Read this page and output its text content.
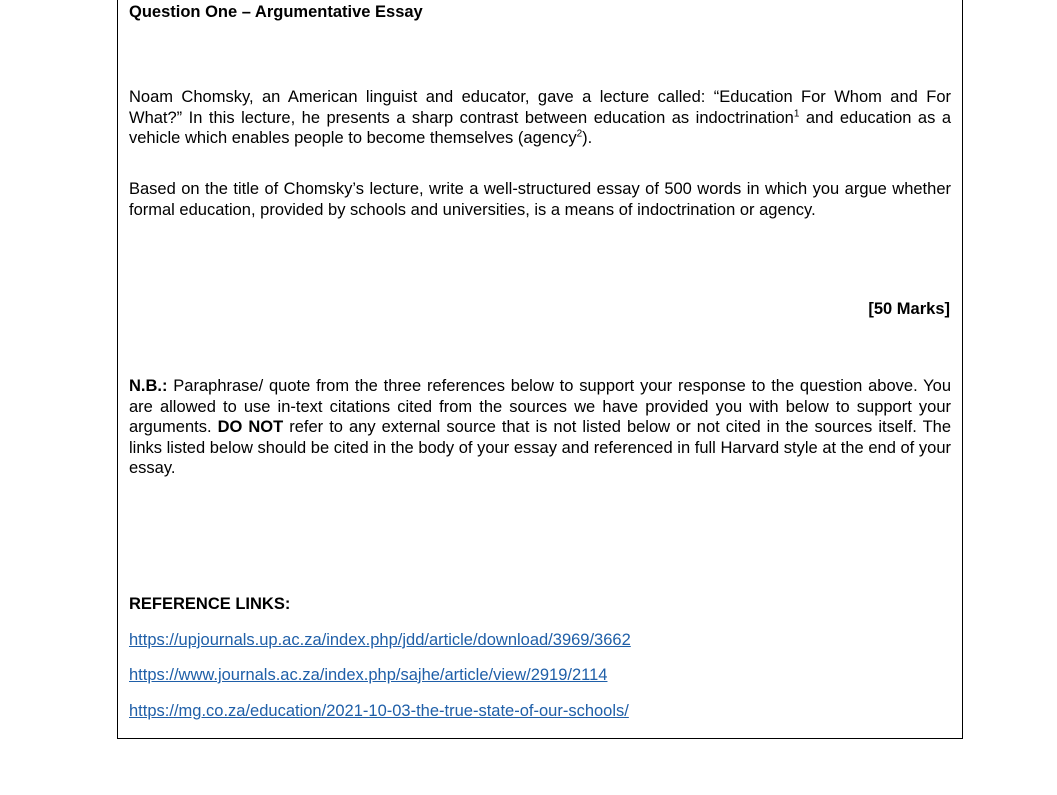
Question One – Argumentative Essay
Noam Chomsky, an American linguist and educator, gave a lecture called: “Education For Whom and For What?” In this lecture, he presents a sharp contrast between education as indoctrination$^1$ and education as a vehicle which enables people to become themselves (agency$^2$).
Based on the title of Chomsky’s lecture, write a well-structured essay of 500 words in which you argue whether formal education, provided by schools and universities, is a means of indoctrination or agency.
[50 Marks]
N.B.: Paraphrase/ quote from the three references below to support your response to the question above. You are allowed to use in-text citations cited from the sources we have provided you with below to support your arguments. DO NOT refer to any external source that is not listed below or not cited in the sources itself. The links listed below should be cited in the body of your essay and referenced in full Harvard style at the end of your essay.
REFERENCE LINKS:
https://upjournals.up.ac.za/index.php/jdd/article/download/3969/3662
https://www.journals.ac.za/index.php/sajhe/article/view/2919/2114
https://mg.co.za/education/2021-10-03-the-true-state-of-our-schools/
